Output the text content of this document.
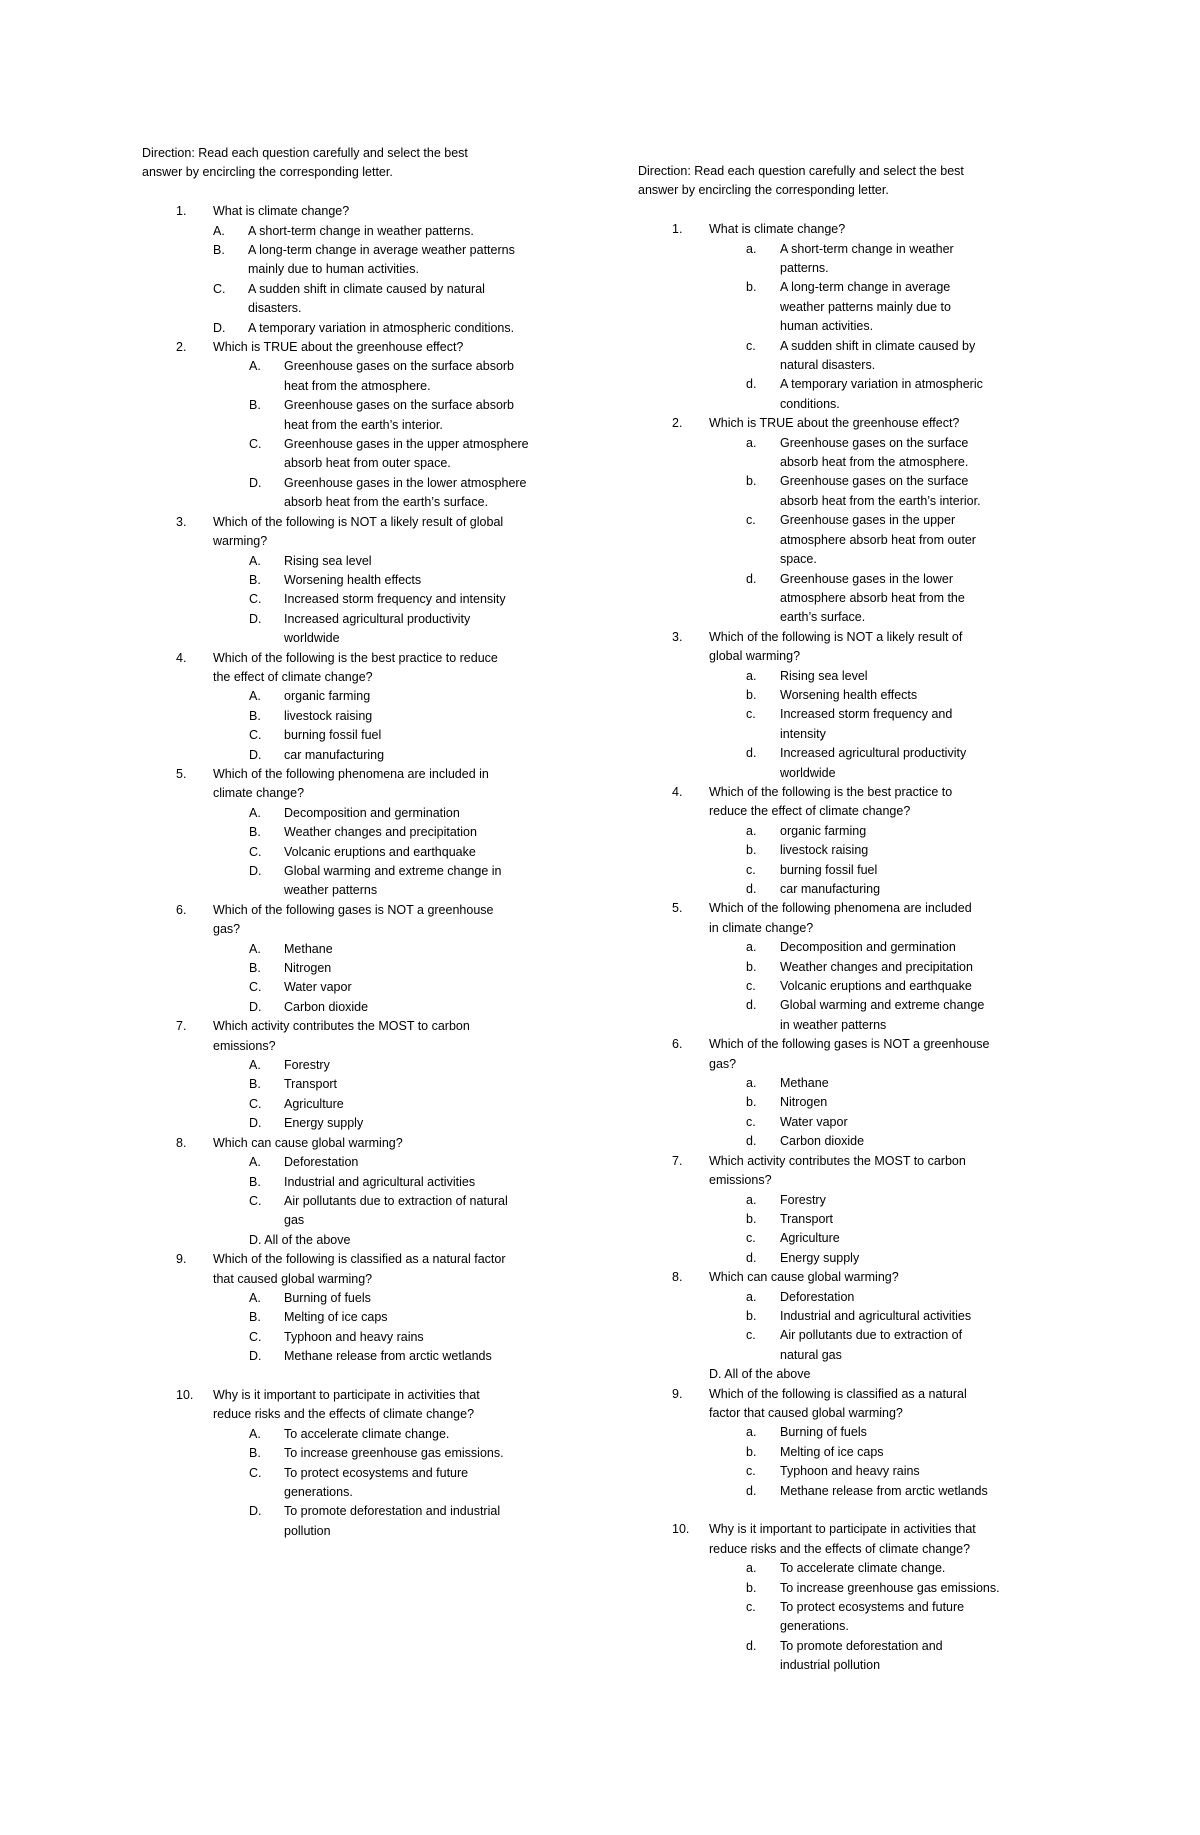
Direction: Read each question carefully and select the best
answer by encircling the corresponding letter.
1. What is climate change?
A. A short-term change in weather patterns.
B. A long-term change in average weather patterns
mainly due to human activities.
C. A sudden shift in climate caused by natural
disasters.
D. A temporary variation in atmospheric conditions.
2. Which is TRUE about the greenhouse effect?
A. Greenhouse gases on the surface absorb
heat from the atmosphere.
B. Greenhouse gases on the surface absorb
heat from the earth’s interior.
C. Greenhouse gases in the upper atmosphere
absorb heat from outer space.
D. Greenhouse gases in the lower atmosphere
absorb heat from the earth’s surface.
3. Which of the following is NOT a likely result of global
warming?
A. Rising sea level
B. Worsening health effects
C. Increased storm frequency and intensity
D. Increased agricultural productivity
worldwide
4. Which of the following is the best practice to reduce
the effect of climate change?
A. organic farming
B. livestock raising
C. burning fossil fuel
D. car manufacturing
5. Which of the following phenomena are included in
climate change?
A. Decomposition and germination
B. Weather changes and precipitation
C. Volcanic eruptions and earthquake
D. Global warming and extreme change in
weather patterns
6. Which of the following gases is NOT a greenhouse
gas?
A. Methane
B. Nitrogen
C. Water vapor
D. Carbon dioxide
7. Which activity contributes the MOST to carbon
emissions?
A. Forestry
B. Transport
C. Agriculture
D. Energy supply
8. Which can cause global warming?
A. Deforestation
B. Industrial and agricultural activities
C. Air pollutants due to extraction of natural
gas
D. All of the above
9. Which of the following is classified as a natural factor
that caused global warming?
A. Burning of fuels
B. Melting of ice caps
C. Typhoon and heavy rains
D. Methane release from arctic wetlands
10. Why is it important to participate in activities that
reduce risks and the effects of climate change?
A. To accelerate climate change.
B. To increase greenhouse gas emissions.
C. To protect ecosystems and future
generations.
D. To promote deforestation and industrial
pollution
Direction: Read each question carefully and select the best
answer by encircling the corresponding letter.
1. What is climate change?
a. A short-term change in weather
patterns.
b. A long-term change in average
weather patterns mainly due to
human activities.
c. A sudden shift in climate caused by
natural disasters.
d. A temporary variation in atmospheric
conditions.
2. Which is TRUE about the greenhouse effect?
a. Greenhouse gases on the surface
absorb heat from the atmosphere.
b. Greenhouse gases on the surface
absorb heat from the earth’s interior.
c. Greenhouse gases in the upper
atmosphere absorb heat from outer
space.
d. Greenhouse gases in the lower
atmosphere absorb heat from the
earth’s surface.
3. Which of the following is NOT a likely result of
global warming?
a. Rising sea level
b. Worsening health effects
c. Increased storm frequency and
intensity
d. Increased agricultural productivity
worldwide
4. Which of the following is the best practice to
reduce the effect of climate change?
a. organic farming
b. livestock raising
c. burning fossil fuel
d. car manufacturing
5. Which of the following phenomena are included
in climate change?
a. Decomposition and germination
b. Weather changes and precipitation
c. Volcanic eruptions and earthquake
d. Global warming and extreme change
in weather patterns
6. Which of the following gases is NOT a greenhouse
gas?
a. Methane
b. Nitrogen
c. Water vapor
d. Carbon dioxide
7. Which activity contributes the MOST to carbon
emissions?
a. Forestry
b. Transport
c. Agriculture
d. Energy supply
8. Which can cause global warming?
a. Deforestation
b. Industrial and agricultural activities
c. Air pollutants due to extraction of
natural gas
D. All of the above
9. Which of the following is classified as a natural
factor that caused global warming?
a. Burning of fuels
b. Melting of ice caps
c. Typhoon and heavy rains
d. Methane release from arctic wetlands
10. Why is it important to participate in activities that
reduce risks and the effects of climate change?
a. To accelerate climate change.
b. To increase greenhouse gas emissions.
c. To protect ecosystems and future
generations.
d. To promote deforestation and
industrial pollution
